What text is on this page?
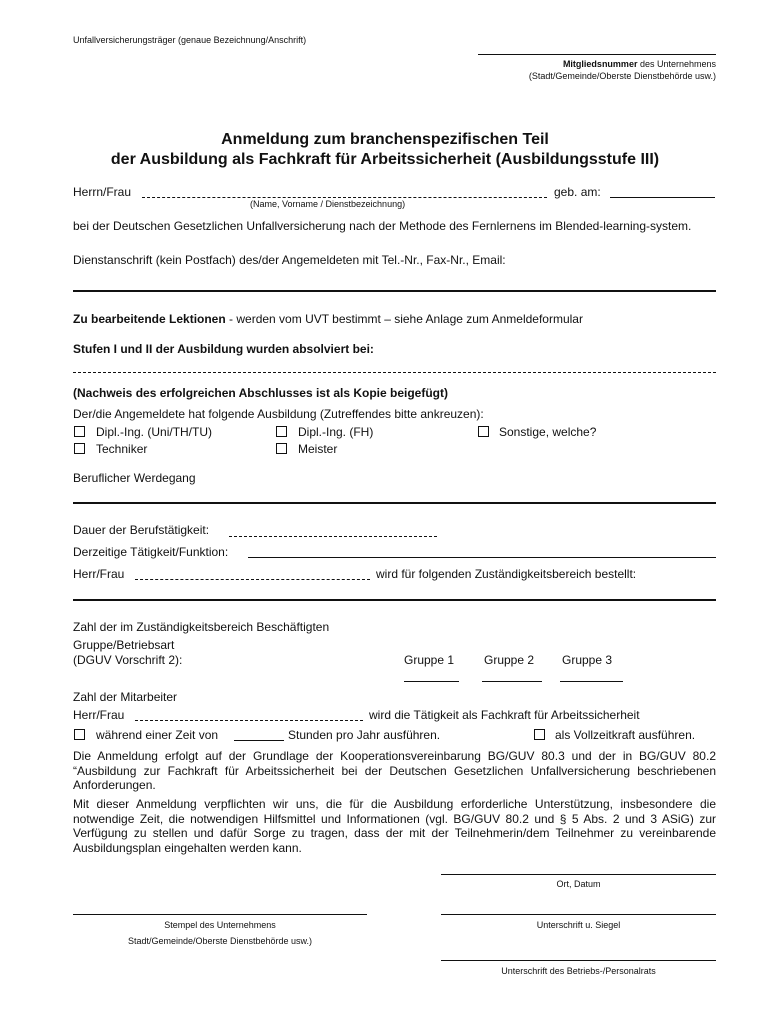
Unfallversicherungsträger (genaue Bezeichnung/Anschrift)
Mitgliedsnummer des Unternehmens
(Stadt/Gemeinde/Oberste Dienstbehörde usw.)
Anmeldung zum branchenspezifischen Teil
der Ausbildung als Fachkraft für Arbeitssicherheit (Ausbildungsstufe III)
Herrn/Frau	geb. am:
(Name, Vorname / Dienstbezeichnung)
bei der Deutschen Gesetzlichen Unfallversicherung nach der Methode des Fernlernens im Blended-learning-system.
Dienstanschrift (kein Postfach) des/der Angemeldeten mit Tel.-Nr., Fax-Nr., Email:
Zu bearbeitende Lektionen - werden vom UVT bestimmt – siehe Anlage zum Anmeldeformular
Stufen I und II der Ausbildung wurden absolviert bei:
(Nachweis des erfolgreichen Abschlusses ist als Kopie beigefügt)
Der/die Angemeldete hat folgende Ausbildung (Zutreffendes bitte ankreuzen):
Dipl.-Ing. (Uni/TH/TU)	Dipl.-Ing. (FH)	Sonstige, welche?
Techniker	Meister
Beruflicher Werdegang
Dauer der Berufstätigkeit:
Derzeitige Tätigkeit/Funktion:
Herr/Frau	wird für folgenden Zuständigkeitsbereich bestellt:
Zahl der im Zuständigkeitsbereich Beschäftigten
Gruppe/Betriebsart
(DGUV Vorschrift 2):	Gruppe 1 Gruppe 2 Gruppe 3
Zahl der Mitarbeiter
Herr/Frau	wird die Tätigkeit als Fachkraft für Arbeitssicherheit
während einer Zeit von	Stunden pro Jahr ausführen.	als Vollzeitkraft ausführen.
Die Anmeldung erfolgt auf der Grundlage der Kooperationsvereinbarung BG/GUV 80.3 und der in BG/GUV 80.2 “Ausbildung zur Fachkraft für Arbeitssicherheit bei der Deutschen Gesetzlichen Unfallversicherung beschriebenen Anforderungen.
Mit dieser Anmeldung verpflichten wir uns, die für die Ausbildung erforderliche Unterstützung, insbesondere die notwendige Zeit, die notwendigen Hilfsmittel und Informationen (vgl. BG/GUV 80.2 und § 5 Abs. 2 und 3 ASiG) zur Verfügung zu stellen und dafür Sorge zu tragen, dass der mit der Teilnehmerin/dem Teilnehmer zu vereinbarende Ausbildungsplan eingehalten werden kann.
Ort, Datum
Stempel des Unternehmens
Stadt/Gemeinde/Oberste Dienstbehörde usw.)
Unterschrift u. Siegel
Unterschrift des Betriebs-/Personalrats
